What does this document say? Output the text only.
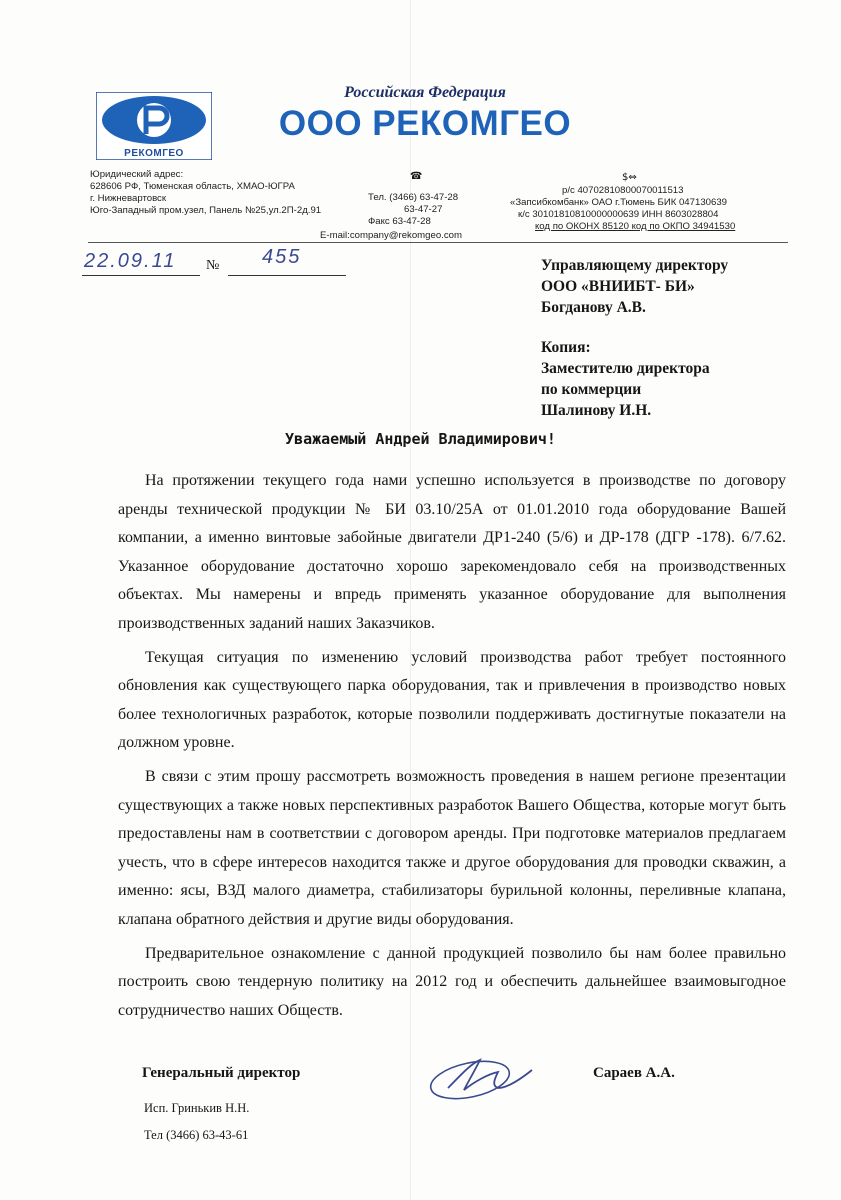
РЕКОМГЕО
Российская Федерация
ООО РЕКОМГЕО
Юридический адрес:
628606 РФ, Тюменская область, ХМАО-ЮГРА
г. Нижневартовск
Юго-Западный пром.узел, Панель №25,ул.2П-2д.91
☎
Тел. (3466) 63-47-28
63-47-27
Факс 63-47-28
E-mail:company@rekomgeo.com
$⇔
р/с 40702810800070011513
«Запсибкомбанк» ОАО г.Тюмень БИК 047130639
к/с 30101810810000000639 ИНН 8603028804
код по ОКОНХ 85120 код по ОКПО 34941530
22.09.11 № 455	Управляющему директору
ООО «ВНИИБТ- БИ»
Богданову А.В.
Копия:
Заместителю директора
по коммерции
Шалинову И.Н.
Уважаемый Андрей Владимирович!

На протяжении текущего года нами успешно используется в производстве по договору аренды технической продукции № БИ 03.10/25А от 01.01.2010 года оборудование Вашей компании, а именно винтовые забойные двигатели ДР1-240 (5/6) и ДР-178 (ДГР -178). 6/7.62. Указанное оборудование достаточно хорошо зарекомендовало себя на производственных объектах. Мы намерены и впредь применять указанное оборудование для выполнения производственных заданий наших Заказчиков.

Текущая ситуация по изменению условий производства работ требует постоянного обновления как существующего парка оборудования, так и привлечения в производство новых более технологичных разработок, которые позволили поддерживать достигнутые показатели на должном уровне.

В связи с этим прошу рассмотреть возможность проведения в нашем регионе презентации существующих а также новых перспективных разработок Вашего Общества, которые могут быть предоставлены нам в соответствии с договором аренды. При подготовке материалов предлагаем учесть, что в сфере интересов находится также и другое оборудования для проводки скважин, а именно: ясы, ВЗД малого диаметра, стабилизаторы бурильной колонны, переливные клапана, клапана обратного действия и другие виды оборудования.

Предварительное ознакомление с данной продукцией позволило бы нам более правильно построить свою тендерную политику на 2012 год и обеспечить дальнейшее взаимовыгодное сотрудничество наших Обществ.

Генеральный директор	Сараев А.А.
Исп. Гринькив Н.Н.
Тел (3466) 63-43-61
